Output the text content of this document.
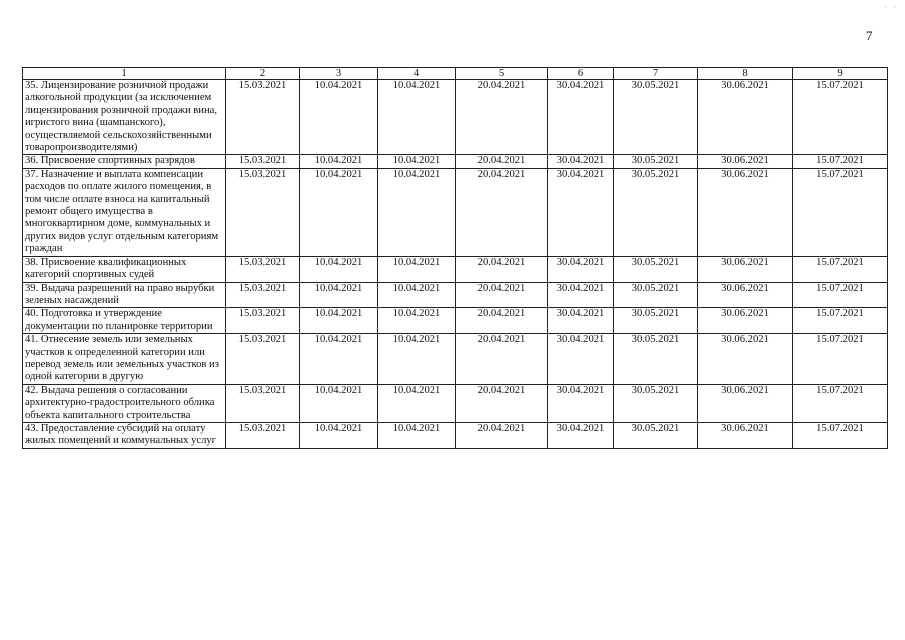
7
· ·
1	2	3	4	5	6	7	8	9
35. Лицензирование розничной продажи алкогольной продукции (за исключением лицензирования розничной продажи вина, игристого вина (шампанского), осуществляемой сельскохозяйственными товаропроизводителями)	15.03.2021	10.04.2021	10.04.2021	20.04.2021	30.04.2021	30.05.2021	30.06.2021	15.07.2021
36. Присвоение спортивных разрядов	15.03.2021	10.04.2021	10.04.2021	20.04.2021	30.04.2021	30.05.2021	30.06.2021	15.07.2021
37. Назначение и выплата компенсации расходов по оплате жилого помещения, в том числе оплате взноса на капитальный ремонт общего имущества в многоквартирном доме, коммунальных и других видов услуг отдельным категориям граждан	15.03.2021	10.04.2021	10.04.2021	20.04.2021	30.04.2021	30.05.2021	30.06.2021	15.07.2021
38. Присвоение квалификационных категорий спортивных судей	15.03.2021	10.04.2021	10.04.2021	20.04.2021	30.04.2021	30.05.2021	30.06.2021	15.07.2021
39. Выдача разрешений на право вырубки зеленых насаждений	15.03.2021	10.04.2021	10.04.2021	20.04.2021	30.04.2021	30.05.2021	30.06.2021	15.07.2021
40. Подготовка и утверждение документации по планировке территории	15.03.2021	10.04.2021	10.04.2021	20.04.2021	30.04.2021	30.05.2021	30.06.2021	15.07.2021
41. Отнесение земель или земельных участков к определенной категории или перевод земель или земельных участков из одной категории в другую	15.03.2021	10.04.2021	10.04.2021	20.04.2021	30.04.2021	30.05.2021	30.06.2021	15.07.2021
42. Выдача решения о согласовании архитектурно-градостроительного облика объекта капитального строительства	15.03.2021	10.04.2021	10.04.2021	20.04.2021	30.04.2021	30.05.2021	30.06.2021	15.07.2021
43. Предоставление субсидий на оплату жилых помещений и коммунальных услуг	15.03.2021	10.04.2021	10.04.2021	20.04.2021	30.04.2021	30.05.2021	30.06.2021	15.07.2021
